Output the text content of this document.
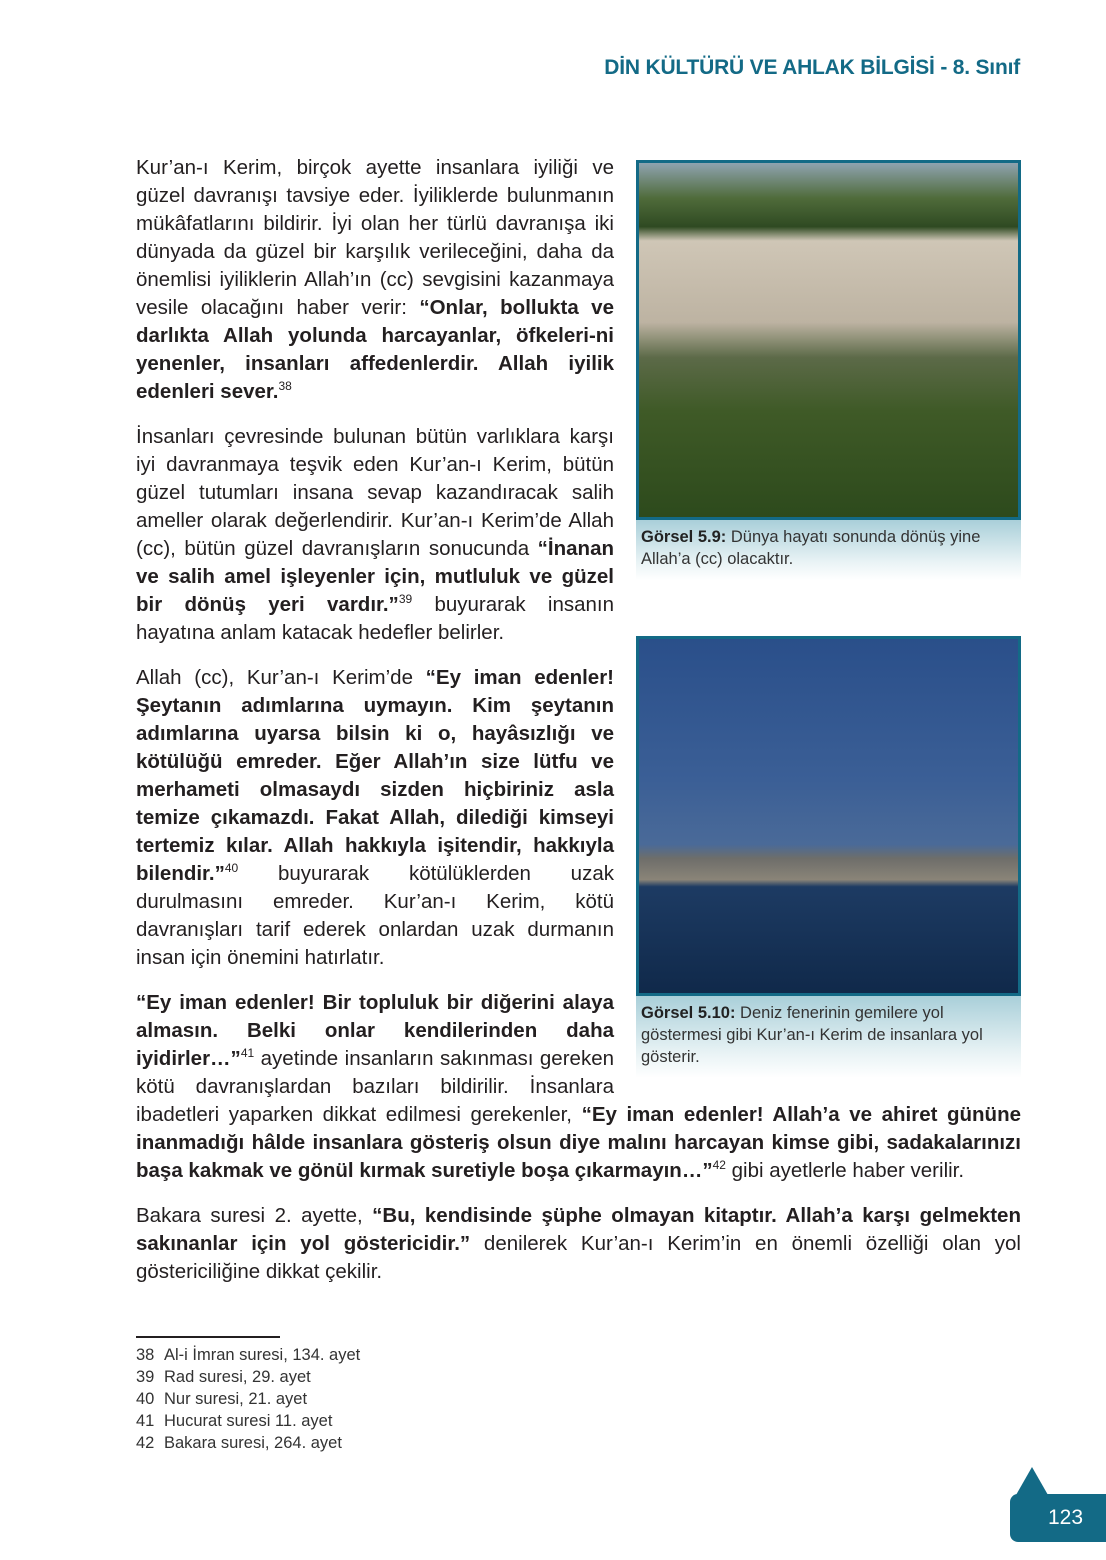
DİN KÜLTÜRÜ VE AHLAK BİLGİSİ - 8. Sınıf
Görsel 5.9: Dünya hayatı sonunda dönüş yine Allah’a (cc) olacaktır.
Görsel 5.10: Deniz fenerinin gemilere yol göstermesi gibi Kur’an-ı Kerim de insanlara yol gösterir.

Kur’an-ı Kerim, birçok ayette insanlara iyiliği ve güzel davranışı tavsiye eder. İyiliklerde bulunmanın mükâfatlarını bildirir. İyi olan her türlü davranışa iki dünyada da güzel bir karşılık verileceğini, daha da önemlisi iyiliklerin Allah’ın (cc) sevgisini kazanmaya vesile olacağını haber verir: “Onlar, bollukta ve darlıkta Allah yolunda harcayanlar, öfkeleri-ni yenenler, insanları affedenlerdir. Allah iyilik edenleri sever.$^{38}$

İnsanları çevresinde bulunan bütün varlıklara karşı iyi davranmaya teşvik eden Kur’an-ı Kerim, bütün güzel tutumları insana sevap kazandıracak salih ameller olarak değerlendirir. Kur’an-ı Kerim’de Allah (cc), bütün güzel davranışların sonucunda “İnanan ve salih amel işleyenler için, mutluluk ve güzel bir dönüş yeri vardır.”$^{39}$ buyurarak insanın hayatına anlam katacak hedefler belirler.

Allah (cc), Kur’an-ı Kerim’de “Ey iman edenler! Şeytanın adımlarına uymayın. Kim şeytanın adımlarına uyarsa bilsin ki o, hayâsızlığı ve kötülüğü emreder. Eğer Allah’ın size lütfu ve merhameti olmasaydı sizden hiçbiriniz asla temize çıkamazdı. Fakat Allah, dilediği kimseyi tertemiz kılar. Allah hakkıyla işitendir, hakkıyla bilendir.”$^{40}$ buyurarak kötülüklerden uzak durulmasını emreder. Kur’an-ı Kerim, kötü davranışları tarif ederek onlardan uzak durmanın insan için önemini hatırlatır.

“Ey iman edenler! Bir topluluk bir diğerini alaya almasın. Belki onlar kendilerinden daha iyidirler…”$^{41}$ ayetinde insanların sakınması gereken kötü davranışlardan bazıları bildirilir. İnsanlara ibadetleri yaparken dikkat edilmesi gerekenler, “Ey iman edenler! Allah’a ve ahiret gününe inanmadığı hâlde insanlara gösteriş olsun diye malını harcayan kimse gibi, sadakalarınızı başa kakmak ve gönül kırmak suretiyle boşa çıkarmayın…”$^{42}$ gibi ayetlerle haber verilir.

Bakara suresi 2. ayette, “Bu, kendisinde şüphe olmayan kitaptır. Allah’a karşı gelmekten sakınanlar için yol göstericidir.” denilerek Kur’an-ı Kerim’in en önemli özelliği olan yol göstericiliğine dikkat çekilir.

38 Al-i İmran suresi, 134. ayet
39 Rad suresi, 29. ayet
40 Nur suresi, 21. ayet
41 Hucurat suresi 11. ayet
42 Bakara suresi, 264. ayet
123
